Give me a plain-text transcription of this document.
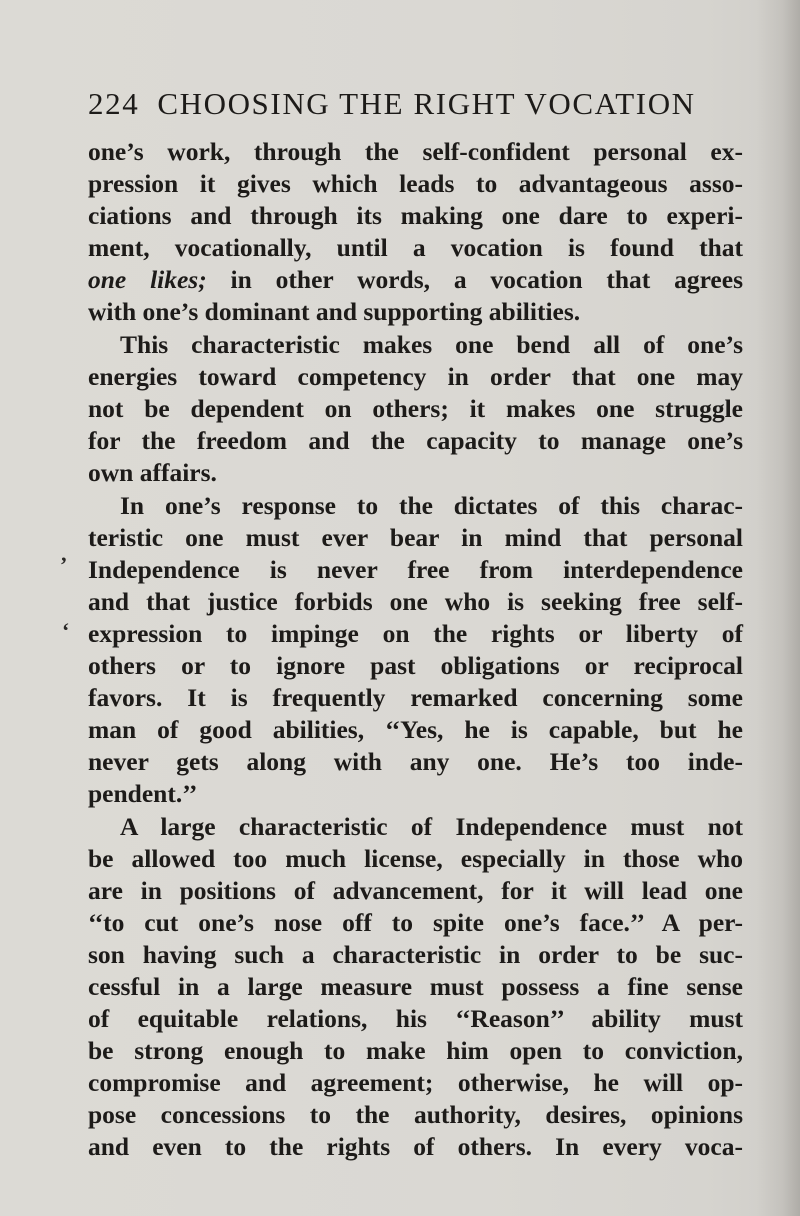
224 CHOOSING THE RIGHT VOCATION
one’s work, through the self-confident personal ex-
pression it gives which leads to advantageous asso-
ciations and through its making one dare to experi-
ment, vocationally, until a vocation is found that
one likes; in other words, a vocation that agrees
with one’s dominant and supporting abilities.
This characteristic makes one bend all of one’s
energies toward competency in order that one may
not be dependent on others; it makes one struggle
for the freedom and the capacity to manage one’s
own affairs.
In one’s response to the dictates of this charac-
teristic one must ever bear in mind that personal
Independence is never free from interdependence
and that justice forbids one who is seeking free self-
expression to impinge on the rights or liberty of
others or to ignore past obligations or reciprocal
favors. It is frequently remarked concerning some
man of good abilities, ‘‘Yes, he is capable, but he
never gets along with any one. He’s too inde-
pendent.’’
A large characteristic of Independence must not
be allowed too much license, especially in those who
are in positions of advancement, for it will lead one
‘‘to cut one’s nose off to spite one’s face.’’ A per-
son having such a characteristic in order to be suc-
cessful in a large measure must possess a fine sense
of equitable relations, his ‘‘Reason’’ ability must
be strong enough to make him open to conviction,
compromise and agreement; otherwise, he will op-
pose concessions to the authority, desires, opinions
and even to the rights of others. In every voca-
’
‘
